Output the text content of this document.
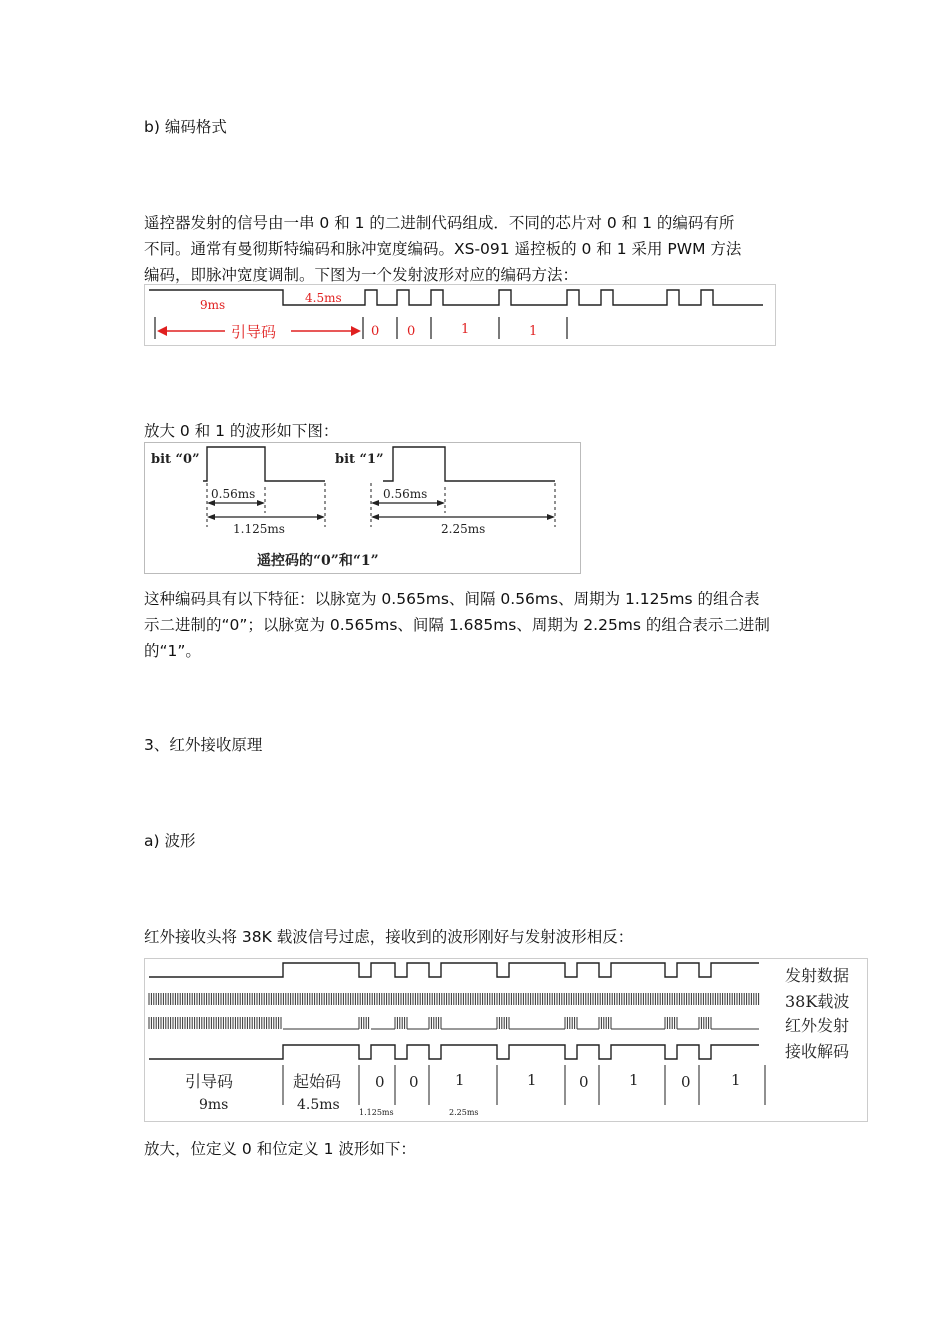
b) 编码格式
遥控器发射的信号由一串 0 和 1 的二进制代码组成．不同的芯片对 0 和 1 的编码有所
不同。通常有曼彻斯特编码和脉冲宽度编码。XS-091 遥控板的 0 和 1 采用 PWM 方法
编码，即脉冲宽度调制。下图为一个发射波形对应的编码方法：
9ms	4.5ms
引导码	0 0	1	1
放大 0 和 1 的波形如下图：
bit “0”	bit “1”
0.56ms
1.125ms
0.56ms
2.25ms
遥控码的“0”和“1”
这种编码具有以下特征：以脉宽为 0.565ms、间隔 0.56ms、周期为 1.125ms 的组合表
示二进制的“0”；以脉宽为 0.565ms、间隔 1.685ms、周期为 2.25ms 的组合表示二进制
的“1”。
3、红外接收原理
a) 波形
红外接收头将 38K 载波信号过虑，接收到的波形刚好与发射波形相反：
发射数据
38K载波
红外发射
接收解码
引导码
9ms
起始码
4.5ms
0 0 1	1	0	1	0	1
1.125ms	2.25ms
放大，位定义 0 和位定义 1 波形如下：
